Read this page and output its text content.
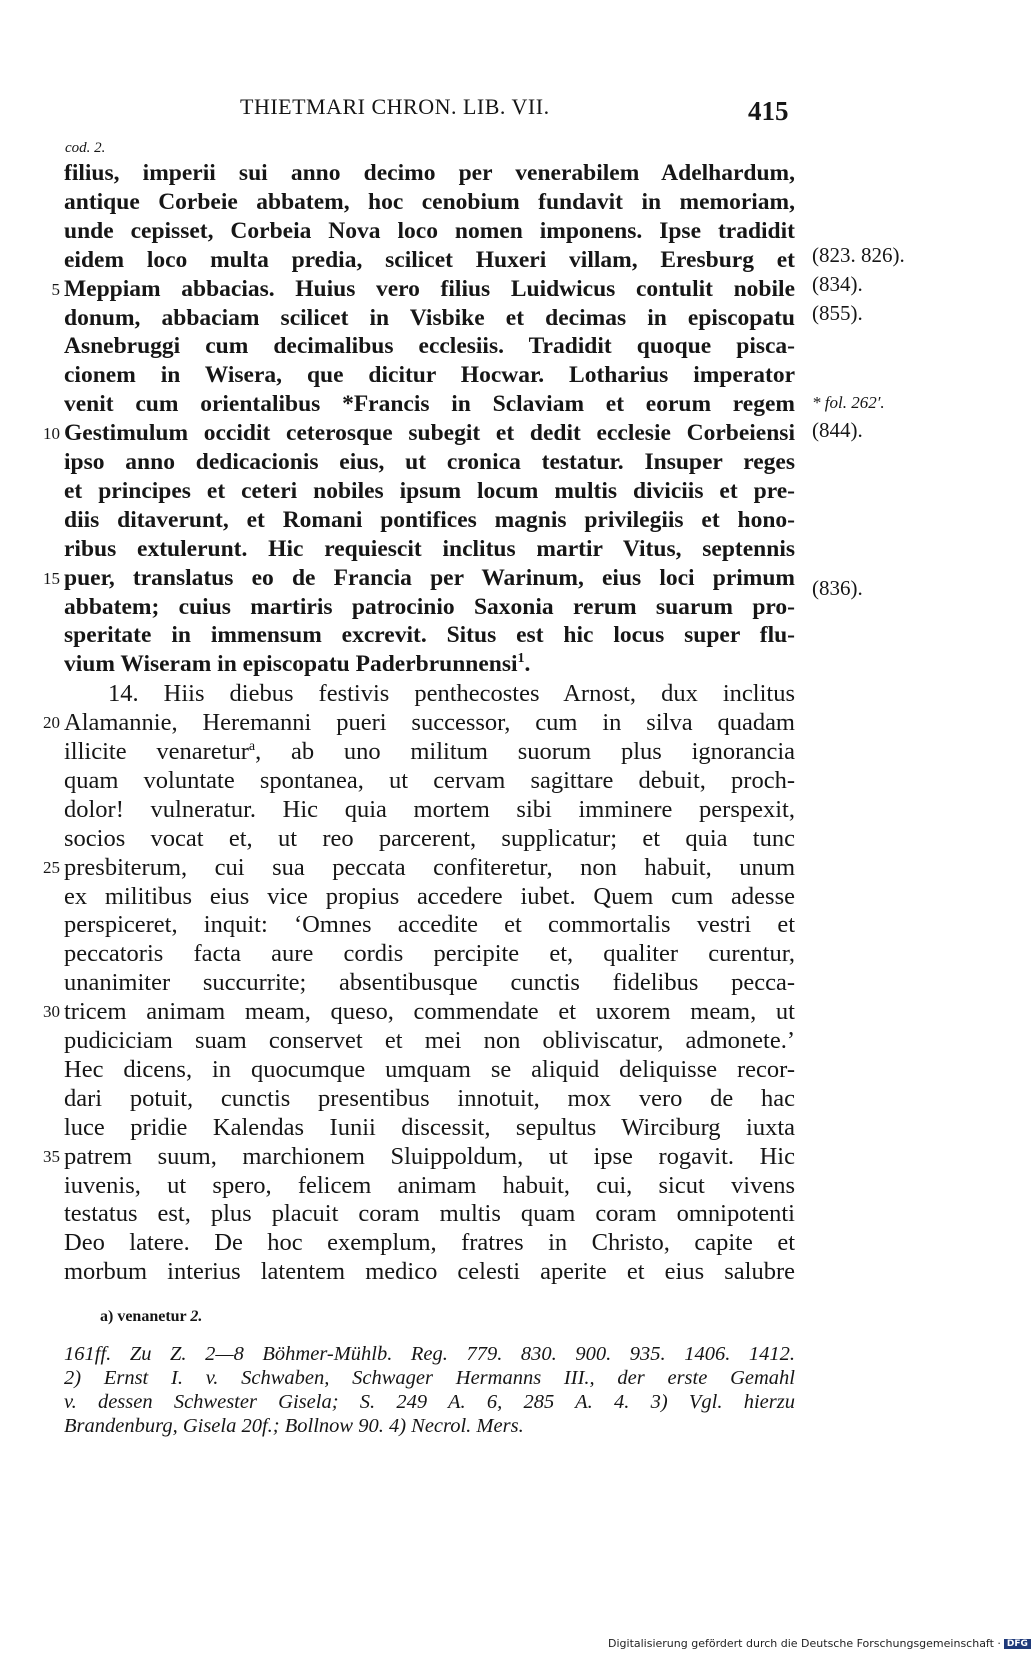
THIETMARI CHRON. LIB. VII.	415
cod. 2.
filius, imperii sui anno decimo per venerabilem Adelhardum,
antique Corbeie abbatem, hoc cenobium fundavit in memoriam,
unde cepisset, Corbeia Nova loco nomen imponens. Ipse tradidit
eidem loco multa predia, scilicet Huxeri villam, Eresburg et
5 Meppiam abbacias. Huius vero filius Luidwicus contulit nobile
donum, abbaciam scilicet in Visbike et decimas in episcopatu
Asnebruggi cum decimalibus ecclesiis. Tradidit quoque pisca-
cionem in Wisera, que dicitur Hocwar. Lotharius imperator
venit cum orientalibus *Francis in Sclaviam et eorum regem
10 Gestimulum occidit ceterosque subegit et dedit ecclesie Corbeiensi
ipso anno dedicacionis eius, ut cronica testatur. Insuper reges
et principes et ceteri nobiles ipsum locum multis diviciis et pre-
diis ditaverunt, et Romani pontifices magnis privilegiis et hono-
ribus extulerunt. Hic requiescit inclitus martir Vitus, septennis
15 puer, translatus eo de Francia per Warinum, eius loci primum
abbatem; cuius martiris patrocinio Saxonia rerum suarum pro-
speritate in immensum excrevit. Situs est hic locus super flu-
vium Wiseram in episcopatu Paderbrunnensi$^1$.
14. Hiis diebus festivis penthecostes Arnost, dux inclitus
20 Alamannie, Heremanni pueri successor, cum in silva quadam
illicite venaretur$^a$, ab uno militum suorum plus ignorancia
quam voluntate spontanea, ut cervam sagittare debuit, proch-
dolor! vulneratur. Hic quia mortem sibi imminere perspexit,
socios vocat et, ut reo parcerent, supplicatur; et quia tunc
25 presbiterum, cui sua peccata confiteretur, non habuit, unum
ex militibus eius vice propius accedere iubet. Quem cum adesse
perspiceret, inquit: ‘Omnes accedite et commortalis vestri et
peccatoris facta aure cordis percipite et, qualiter curentur,
unanimiter succurrite; absentibusque cunctis fidelibus pecca-
30 tricem animam meam, queso, commendate et uxorem meam, ut
pudiciciam suam conservet et mei non obliviscatur, admonete.’
Hec dicens, in quocumque umquam se aliquid deliquisse recor-
dari potuit, cunctis presentibus innotuit, mox vero de hac
luce pridie Kalendas Iunii discessit, sepultus Wirciburg iuxta
35 patrem suum, marchionem Sluippoldum, ut ipse rogavit. Hic
iuvenis, ut spero, felicem animam habuit, cui, sicut vivens
testatus est, plus placuit coram multis quam coram omnipotenti
Deo latere. De hoc exemplum, fratres in Christo, capite et
morbum interius latentem medico celesti aperite et eius salubre
(823. 826).
(834).
(855).
* fol. 262′.
(844).
(836).
a) venanetur 2.
161ff. Zu Z. 2—8 Böhmer-Mühlb. Reg. 779. 830. 900. 935. 1406. 1412.
2) Ernst I. v. Schwaben, Schwager Hermanns III., der erste Gemahl
v. dessen Schwester Gisela; S. 249 A. 6, 285 A. 4. 3) Vgl. hierzu
Brandenburg, Gisela 20f.; Bollnow 90. 4) Necrol. Mers.
Digitalisierung gefördert durch die Deutsche Forschungsgemeinschaft · DFG
